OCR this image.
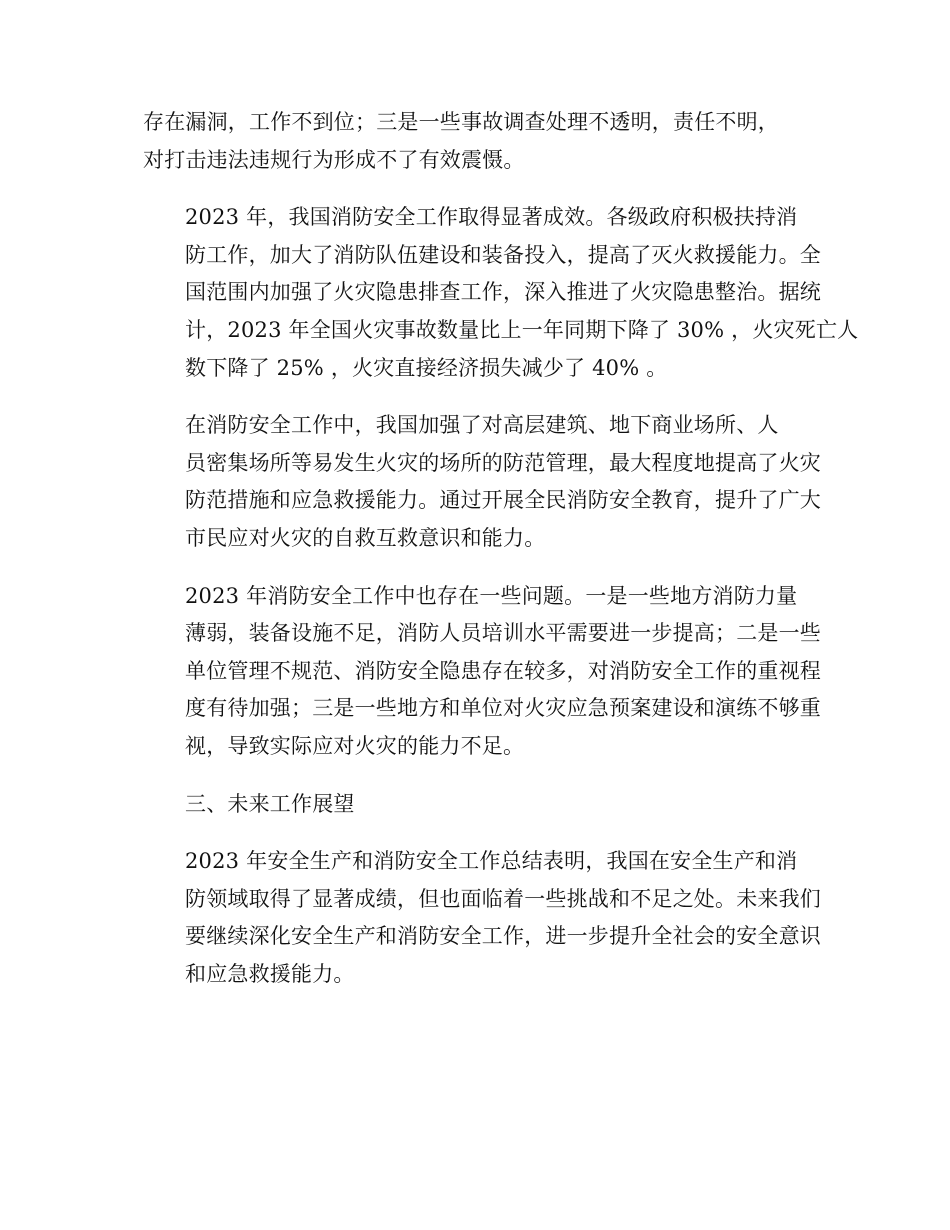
存在漏洞，工作不到位；三是一些事故调查处理不透明，责任不明，
对打击违法违规行为形成不了有效震慑。

2023 年，我国消防安全工作取得显著成效。各级政府积极扶持消
防工作，加大了消防队伍建设和装备投入，提高了灭火救援能力。全
国范围内加强了火灾隐患排查工作，深入推进了火灾隐患整治。据统
计，2023 年全国火灾事故数量比上一年同期下降了 30% ，火灾死亡人
数下降了 25% ，火灾直接经济损失减少了 40% 。

在消防安全工作中，我国加强了对高层建筑、地下商业场所、人
员密集场所等易发生火灾的场所的防范管理，最大程度地提高了火灾
防范措施和应急救援能力。通过开展全民消防安全教育，提升了广大
市民应对火灾的自救互救意识和能力。

2023 年消防安全工作中也存在一些问题。一是一些地方消防力量
薄弱，装备设施不足，消防人员培训水平需要进一步提高；二是一些
单位管理不规范、消防安全隐患存在较多，对消防安全工作的重视程
度有待加强；三是一些地方和单位对火灾应急预案建设和演练不够重
视，导致实际应对火灾的能力不足。

三、未来工作展望

2023 年安全生产和消防安全工作总结表明，我国在安全生产和消
防领域取得了显著成绩，但也面临着一些挑战和不足之处。未来我们
要继续深化安全生产和消防安全工作，进一步提升全社会的安全意识
和应急救援能力。
